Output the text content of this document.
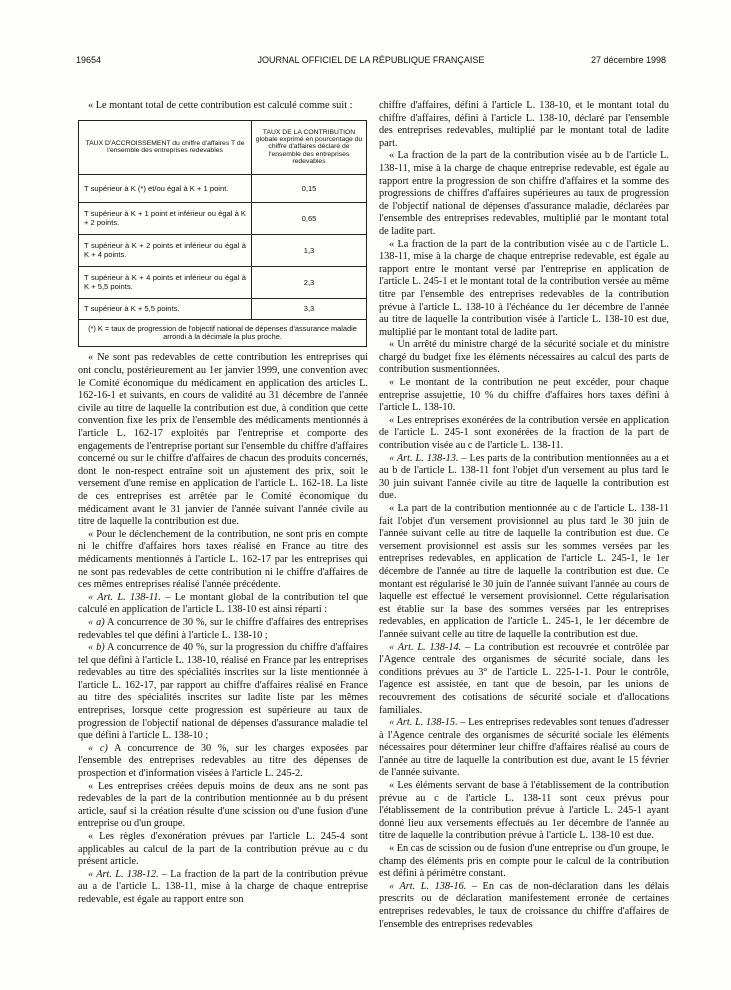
19654	JOURNAL OFFICIEL DE LA RÉPUBLIQUE FRANÇAISE	27 décembre 1998

« Le montant total de cette contribution est calculé comme suit :

TAUX D'ACCROISSEMENT du chiffre d'affaires T de l'ensemble des entreprises redevables	TAUX DE LA CONTRIBUTION globale exprimé en pourcentage du chiffre d'affaires déclaré de l'ensemble des entreprises redevables
T supérieur à K (*) et/ou égal à K + 1 point.	0,15
T supérieur à K + 1 point et inférieur ou égal à K + 2 points.	0,65
T supérieur à K + 2 points et inférieur ou égal à K + 4 points.	1,3
T supérieur à K + 4 points et inférieur ou égal à K + 5,5 points.	2,3
T supérieur à K + 5,5 points.	3,3
(*) K = taux de progression de l'objectif national de dépenses d'assurance maladie arrondi à la décimale la plus proche.	

« Ne sont pas redevables de cette contribution les entreprises qui ont conclu, postérieurement au 1er janvier 1999, une convention avec le Comité économique du médicament en application des articles L. 162-16-1 et suivants, en cours de validité au 31 décembre de l'année civile au titre de laquelle la contribution est due, à condition que cette convention fixe les prix de l'ensemble des médicaments mentionnés à l'article L. 162-17 exploités par l'entreprise et comporte des engagements de l'entreprise portant sur l'ensemble du chiffre d'affaires concerné ou sur le chiffre d'affaires de chacun des produits concernés, dont le non-respect entraîne soit un ajustement des prix, soit le versement d'une remise en application de l'article L. 162-18. La liste de ces entreprises est arrêtée par le Comité économique du médicament avant le 31 janvier de l'année suivant l'année civile au titre de laquelle la contribution est due.

« Pour le déclenchement de la contribution, ne sont pris en compte ni le chiffre d'affaires hors taxes réalisé en France au titre des médicaments mentionnés à l'article L. 162-17 par les entreprises qui ne sont pas redevables de cette contribution ni le chiffre d'affaires de ces mêmes entreprises réalisé l'année précédente.

« Art. L. 138-11. – Le montant global de la contribution tel que calculé en application de l'article L. 138-10 est ainsi réparti :

« a) A concurrence de 30 %, sur le chiffre d'affaires des entreprises redevables tel que défini à l'article L. 138-10 ;

« b) A concurrence de 40 %, sur la progression du chiffre d'affaires tel que défini à l'article L. 138-10, réalisé en France par les entreprises redevables au titre des spécialités inscrites sur la liste mentionnée à l'article L. 162-17, par rapport au chiffre d'affaires réalisé en France au titre des spécialités inscrites sur ladite liste par les mêmes entreprises, lorsque cette progression est supérieure au taux de progression de l'objectif national de dépenses d'assurance maladie tel que défini à l'article L. 138-10 ;

« c) A concurrence de 30 %, sur les charges exposées par l'ensemble des entreprises redevables au titre des dépenses de prospection et d'information visées à l'article L. 245-2.

« Les entreprises créées depuis moins de deux ans ne sont pas redevables de la part de la contribution mentionnée au b du présent article, sauf si la création résulte d'une scission ou d'une fusion d'une entreprise ou d'un groupe.

« Les règles d'exonération prévues par l'article L. 245-4 sont applicables au calcul de la part de la contribution prévue au c du présent article.

« Art. L. 138-12. – La fraction de la part de la contribution prévue au a de l'article L. 138-11, mise à la charge de chaque entreprise redevable, est égale au rapport entre son

chiffre d'affaires, défini à l'article L. 138-10, et le montant total du chiffre d'affaires, défini à l'article L. 138-10, déclaré par l'ensemble des entreprises redevables, multiplié par le montant total de ladite part.

« La fraction de la part de la contribution visée au b de l'article L. 138-11, mise à la charge de chaque entreprise redevable, est égale au rapport entre la progression de son chiffre d'affaires et la somme des progressions de chiffres d'affaires supérieures au taux de progression de l'objectif national de dépenses d'assurance maladie, déclarées par l'ensemble des entreprises redevables, multiplié par le montant total de ladite part.

« La fraction de la part de la contribution visée au c de l'article L. 138-11, mise à la charge de chaque entreprise redevable, est égale au rapport entre le montant versé par l'entreprise en application de l'article L. 245-1 et le montant total de la contribution versée au même titre par l'ensemble des entreprises redevables de la contribution prévue à l'article L. 138-10 à l'échéance du 1er décembre de l'année au titre de laquelle la contribution visée à l'article L. 138-10 est due, multiplié par le montant total de ladite part.

« Un arrêté du ministre chargé de la sécurité sociale et du ministre chargé du budget fixe les éléments nécessaires au calcul des parts de contribution susmentionnées.

« Le montant de la contribution ne peut excéder, pour chaque entreprise assujettie, 10 % du chiffre d'affaires hors taxes défini à l'article L. 138-10.

« Les entreprises exonérées de la contribution versée en application de l'article L. 245-1 sont exonérées de la fraction de la part de contribution visée au c de l'article L. 138-11.

« Art. L. 138-13. – Les parts de la contribution mentionnées au a et au b de l'article L. 138-11 font l'objet d'un versement au plus tard le 30 juin suivant l'année civile au titre de laquelle la contribution est due.

« La part de la contribution mentionnée au c de l'article L. 138-11 fait l'objet d'un versement provisionnel au plus tard le 30 juin de l'année suivant celle au titre de laquelle la contribution est due. Ce versement provisionnel est assis sur les sommes versées par les entreprises redevables, en application de l'article L. 245-1, le 1er décembre de l'année au titre de laquelle la contribution est due. Ce montant est régularisé le 30 juin de l'année suivant l'année au cours de laquelle est effectué le versement provisionnel. Cette régularisation est établie sur la base des sommes versées par les entreprises redevables, en application de l'article L. 245-1, le 1er décembre de l'année suivant celle au titre de laquelle la contribution est due.

« Art. L. 138-14. – La contribution est recouvrée et contrôlée par l'Agence centrale des organismes de sécurité sociale, dans les conditions prévues au 3° de l'article L. 225-1-1. Pour le contrôle, l'agence est assistée, en tant que de besoin, par les unions de recouvrement des cotisations de sécurité sociale et d'allocations familiales.

« Art. L. 138-15. – Les entreprises redevables sont tenues d'adresser à l'Agence centrale des organismes de sécurité sociale les éléments nécessaires pour déterminer leur chiffre d'affaires réalisé au cours de l'année au titre de laquelle la contribution est due, avant le 15 février de l'année suivante.

« Les éléments servant de base à l'établissement de la contribution prévue au c de l'article L. 138-11 sont ceux prévus pour l'établissement de la contribution prévue à l'article L. 245-1 ayant donné lieu aux versements effectués au 1er décembre de l'année au titre de laquelle la contribution prévue à l'article L. 138-10 est due.

« En cas de scission ou de fusion d'une entreprise ou d'un groupe, le champ des éléments pris en compte pour le calcul de la contribution est défini à périmètre constant.

« Art. L. 138-16. – En cas de non-déclaration dans les délais prescrits ou de déclaration manifestement erronée de certaines entreprises redevables, le taux de croissance du chiffre d'affaires de l'ensemble des entreprises redevables
